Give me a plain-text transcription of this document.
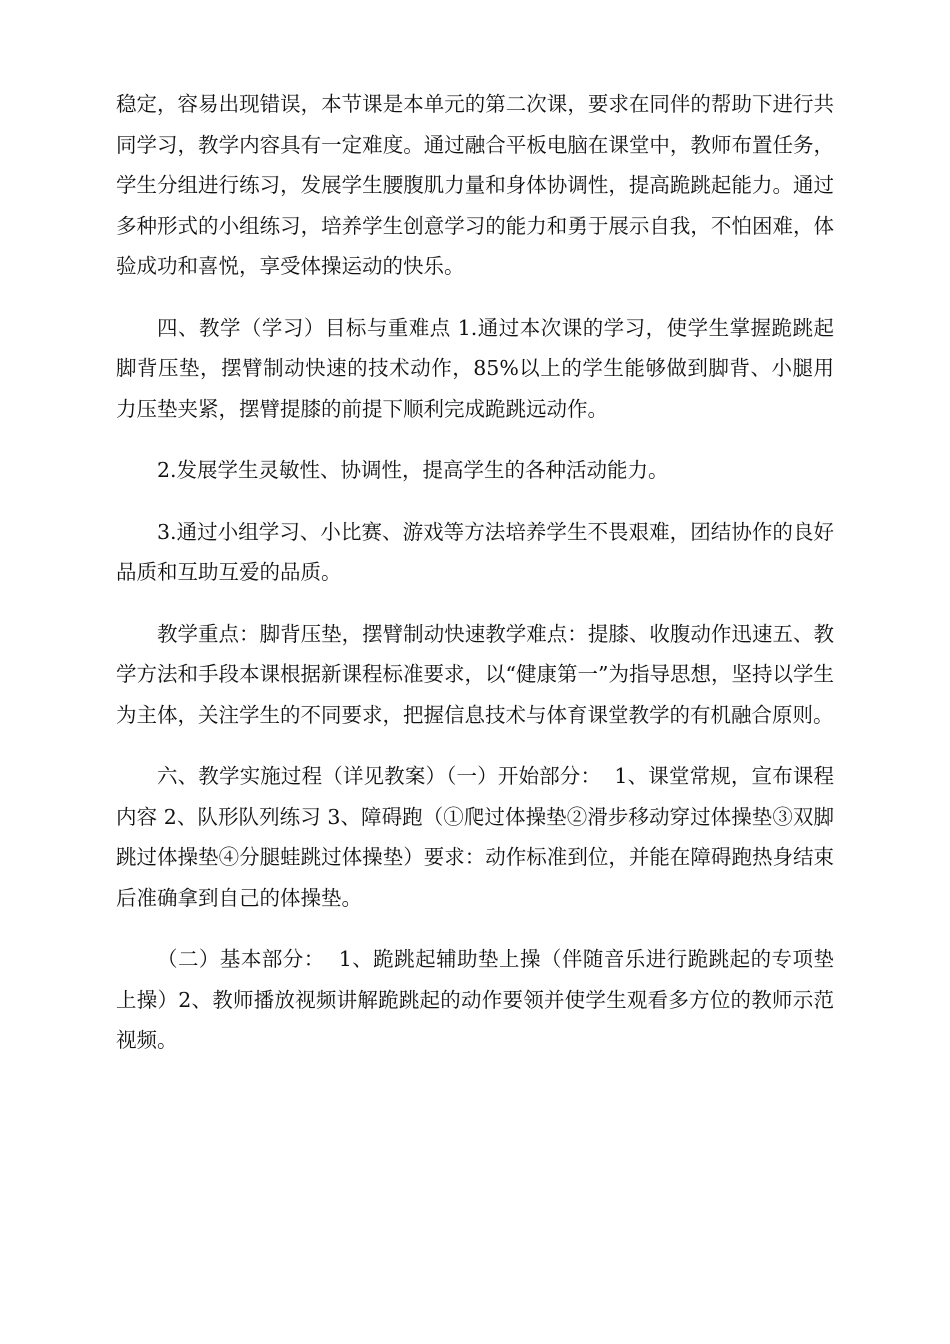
稳定，容易出现错误，本节课是本单元的第二次课，要求在同伴的帮助下进行共同学习，教学内容具有一定难度。通过融合平板电脑在课堂中，教师布置任务，学生分组进行练习，发展学生腰腹肌力量和身体协调性，提高跪跳起能力。通过多种形式的小组练习，培养学生创意学习的能力和勇于展示自我，不怕困难，体验成功和喜悦，享受体操运动的快乐。

四、教学（学习）目标与重难点 1.通过本次课的学习，使学生掌握跪跳起脚背压垫，摆臂制动快速的技术动作，85%以上的学生能够做到脚背、小腿用力压垫夹紧，摆臂提膝的前提下顺利完成跪跳远动作。

2.发展学生灵敏性、协调性，提高学生的各种活动能力。

3.通过小组学习、小比赛、游戏等方法培养学生不畏艰难，团结协作的良好品质和互助互爱的品质。

教学重点：脚背压垫，摆臂制动快速教学难点：提膝、收腹动作迅速五、教学方法和手段本课根据新课程标准要求，以“健康第一”为指导思想，坚持以学生为主体，关注学生的不同要求，把握信息技术与体育课堂教学的有机融合原则。

六、教学实施过程（详见教案）（一）开始部分：  1、课堂常规，宣布课程内容 2、队形队列练习 3、障碍跑（①爬过体操垫②滑步移动穿过体操垫③双脚跳过体操垫④分腿蛙跳过体操垫）要求：动作标准到位，并能在障碍跑热身结束后准确拿到自己的体操垫。

（二）基本部分：  1、跪跳起辅助垫上操（伴随音乐进行跪跳起的专项垫上操）2、教师播放视频讲解跪跳起的动作要领并使学生观看多方位的教师示范视频。
